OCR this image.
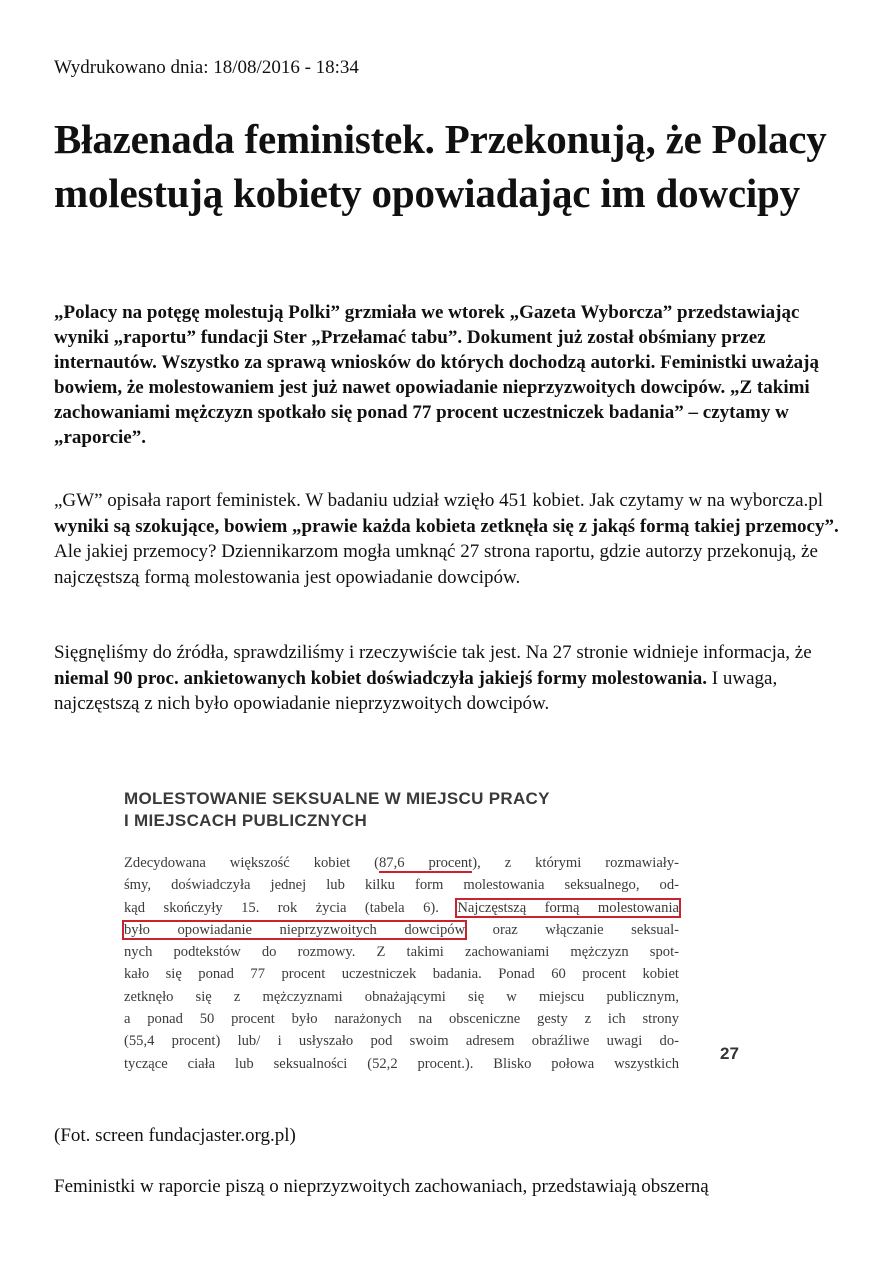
Wydrukowano dnia: 18/08/2016 - 18:34
Błazenada feministek. Przekonują, że Polacy molestują kobiety opowiadając im dowcipy
„Polacy na potęgę molestują Polki” grzmiała we wtorek „Gazeta Wyborcza” przedstawiając wyniki „raportu” fundacji Ster „Przełamać tabu”. Dokument już został obśmiany przez internautów. Wszystko za sprawą wniosków do których dochodzą autorki. Feministki uważają bowiem, że molestowaniem jest już nawet opowiadanie nieprzyzwoitych dowcipów. „Z takimi zachowaniami mężczyzn spotkało się ponad 77 procent uczestniczek badania” – czytamy w „raporcie”.
„GW” opisała raport feministek. W badaniu udział wzięło 451 kobiet. Jak czytamy w na wyborcza.pl wyniki są szokujące, bowiem „prawie każda kobieta zetknęła się z jakąś formą takiej przemocy”. Ale jakiej przemocy? Dziennikarzom mogła umknąć 27 strona raportu, gdzie autorzy przekonują, że najczęstszą formą molestowania jest opowiadanie dowcipów.
Sięgnęliśmy do źródła, sprawdziliśmy i rzeczywiście tak jest. Na 27 stronie widnieje informacja, że niemal 90 proc. ankietowanych kobiet doświadczyła jakiejś formy molestowania. I uwaga, najczęstszą z nich było opowiadanie nieprzyzwoitych dowcipów.
MOLESTOWANIE SEKSUALNE W MIEJSCU PRACY
I MIEJSCACH PUBLICZNYCH
Zdecydowana większość kobiet (87,6 procent), z którymi rozmawiały-
śmy, doświadczyła jednej lub kilku form molestowania seksualnego, od-
kąd skończyły 15. rok życia (tabela 6). Najczęstszą formą molestowania
było opowiadanie nieprzyzwoitych dowcipów oraz włączanie seksual-
nych podtekstów do rozmowy. Z takimi zachowaniami mężczyzn spot-
kało się ponad 77 procent uczestniczek badania. Ponad 60 procent kobiet
zetknęło się z mężczyznami obnażającymi się w miejscu publicznym,
a ponad 50 procent było narażonych na obsceniczne gesty z ich strony
(55,4 procent) lub/ i usłyszało pod swoim adresem obraźliwe uwagi do-
tyczące ciała lub seksualności (52,2 procent.). Blisko połowa wszystkich
27
(Fot. screen fundacjaster.org.pl)
Feministki w raporcie piszą o nieprzyzwoitych zachowaniach, przedstawiają obszerną
